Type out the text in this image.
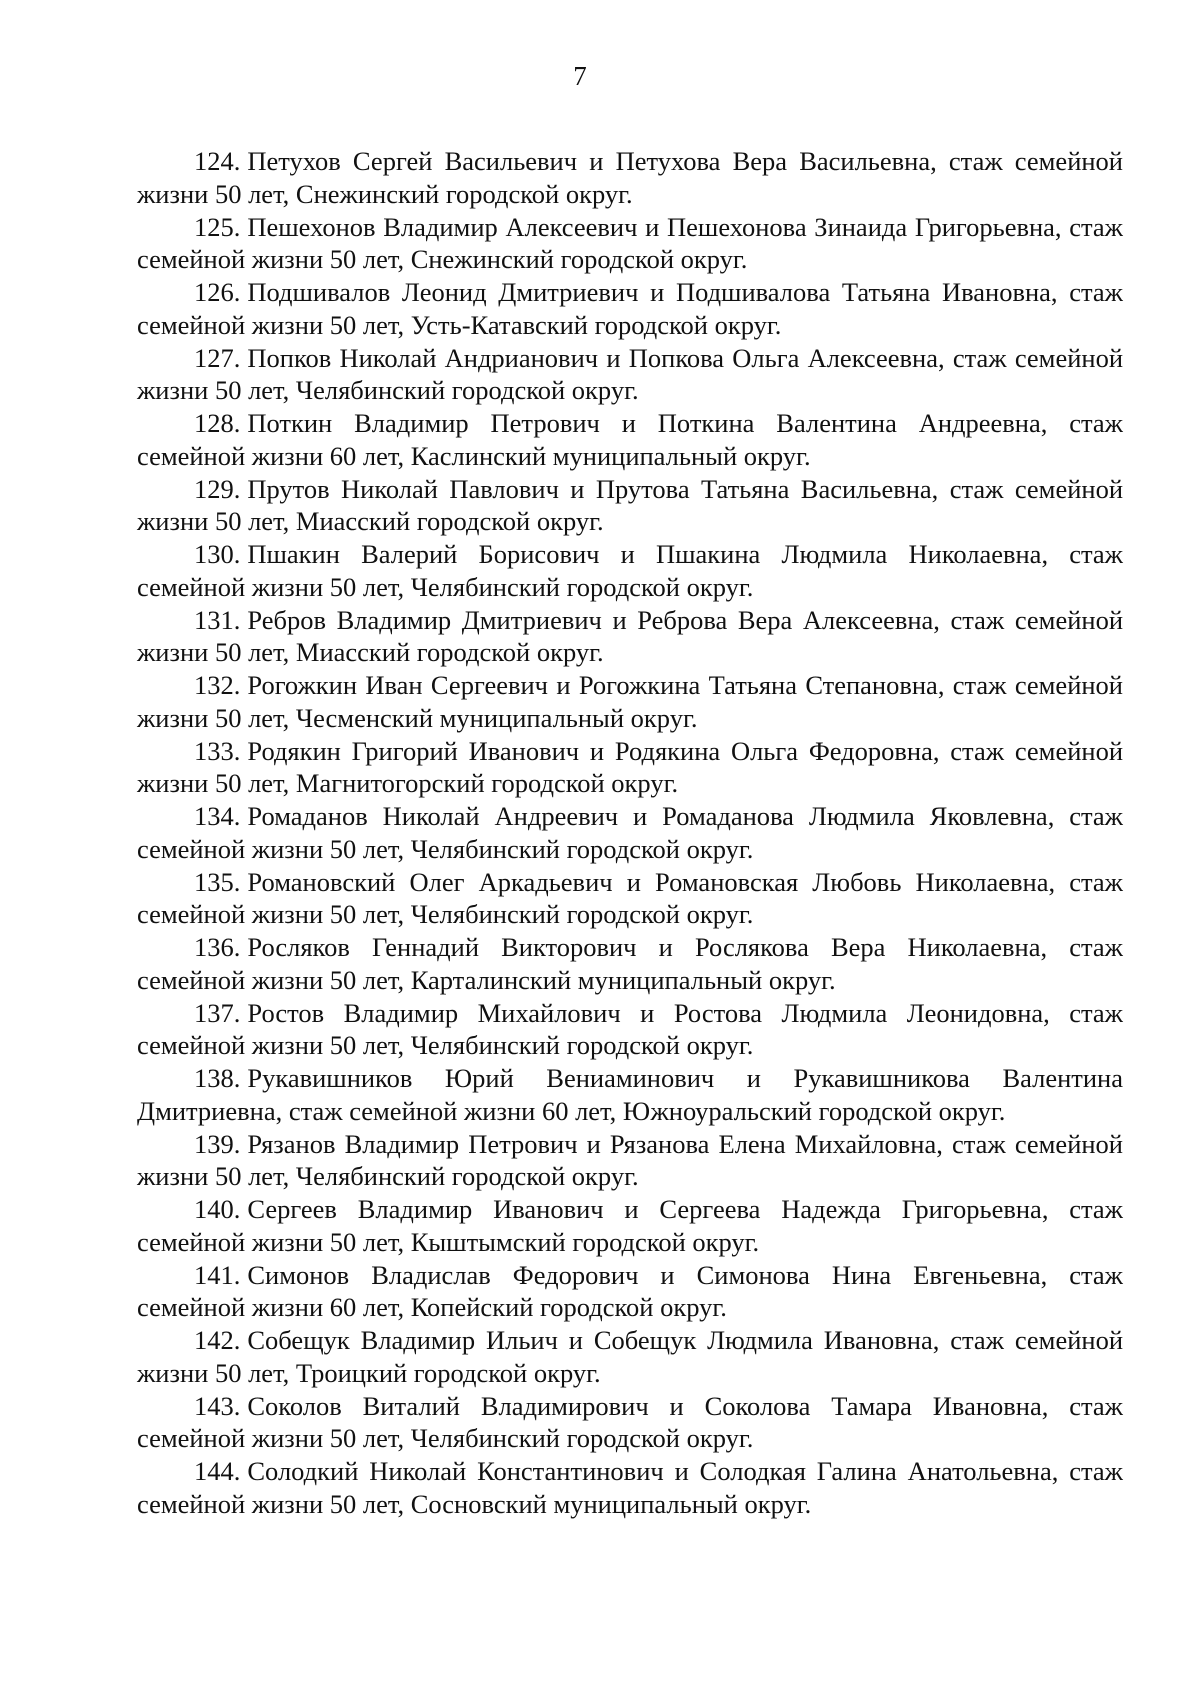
7

124. Петухов Сергей Васильевич и Петухова Вера Васильевна, стаж семейной жизни 50 лет, Снежинский городской округ.

125. Пешехонов Владимир Алексеевич и Пешехонова Зинаида Григорьевна, стаж семейной жизни 50 лет, Снежинский городской округ.

126. Подшивалов Леонид Дмитриевич и Подшивалова Татьяна Ивановна, стаж семейной жизни 50 лет, Усть-Катавский городской округ.

127. Попков Николай Андрианович и Попкова Ольга Алексеевна, стаж семейной жизни 50 лет, Челябинский городской округ.

128. Поткин Владимир Петрович и Поткина Валентина Андреевна, стаж семейной жизни 60 лет, Каслинский муниципальный округ.

129. Прутов Николай Павлович и Прутова Татьяна Васильевна, стаж семейной жизни 50 лет, Миасский городской округ.

130. Пшакин Валерий Борисович и Пшакина Людмила Николаевна, стаж семейной жизни 50 лет, Челябинский городской округ.

131. Ребров Владимир Дмитриевич и Реброва Вера Алексеевна, стаж семейной жизни 50 лет, Миасский городской округ.

132. Рогожкин Иван Сергеевич и Рогожкина Татьяна Степановна, стаж семейной жизни 50 лет, Чесменский муниципальный округ.

133. Родякин Григорий Иванович и Родякина Ольга Федоровна, стаж семейной жизни 50 лет, Магнитогорский городской округ.

134. Ромаданов Николай Андреевич и Ромаданова Людмила Яковлевна, стаж семейной жизни 50 лет, Челябинский городской округ.

135. Романовский Олег Аркадьевич и Романовская Любовь Николаевна, стаж семейной жизни 50 лет, Челябинский городской округ.

136. Росляков Геннадий Викторович и Рослякова Вера Николаевна, стаж семейной жизни 50 лет, Карталинский муниципальный округ.

137. Ростов Владимир Михайлович и Ростова Людмила Леонидовна, стаж семейной жизни 50 лет, Челябинский городской округ.

138. Рукавишников Юрий Вениаминович и Рукавишникова Валентина Дмитриевна, стаж семейной жизни 60 лет, Южноуральский городской округ.

139. Рязанов Владимир Петрович и Рязанова Елена Михайловна, стаж семейной жизни 50 лет, Челябинский городской округ.

140. Сергеев Владимир Иванович и Сергеева Надежда Григорьевна, стаж семейной жизни 50 лет, Кыштымский городской округ.

141. Симонов Владислав Федорович и Симонова Нина Евгеньевна, стаж семейной жизни 60 лет, Копейский городской округ.

142. Собещук Владимир Ильич и Собещук Людмила Ивановна, стаж семейной жизни 50 лет, Троицкий городской округ.

143. Соколов Виталий Владимирович и Соколова Тамара Ивановна, стаж семейной жизни 50 лет, Челябинский городской округ.

144. Солодкий Николай Константинович и Солодкая Галина Анатольевна, стаж семейной жизни 50 лет, Сосновский муниципальный округ.
